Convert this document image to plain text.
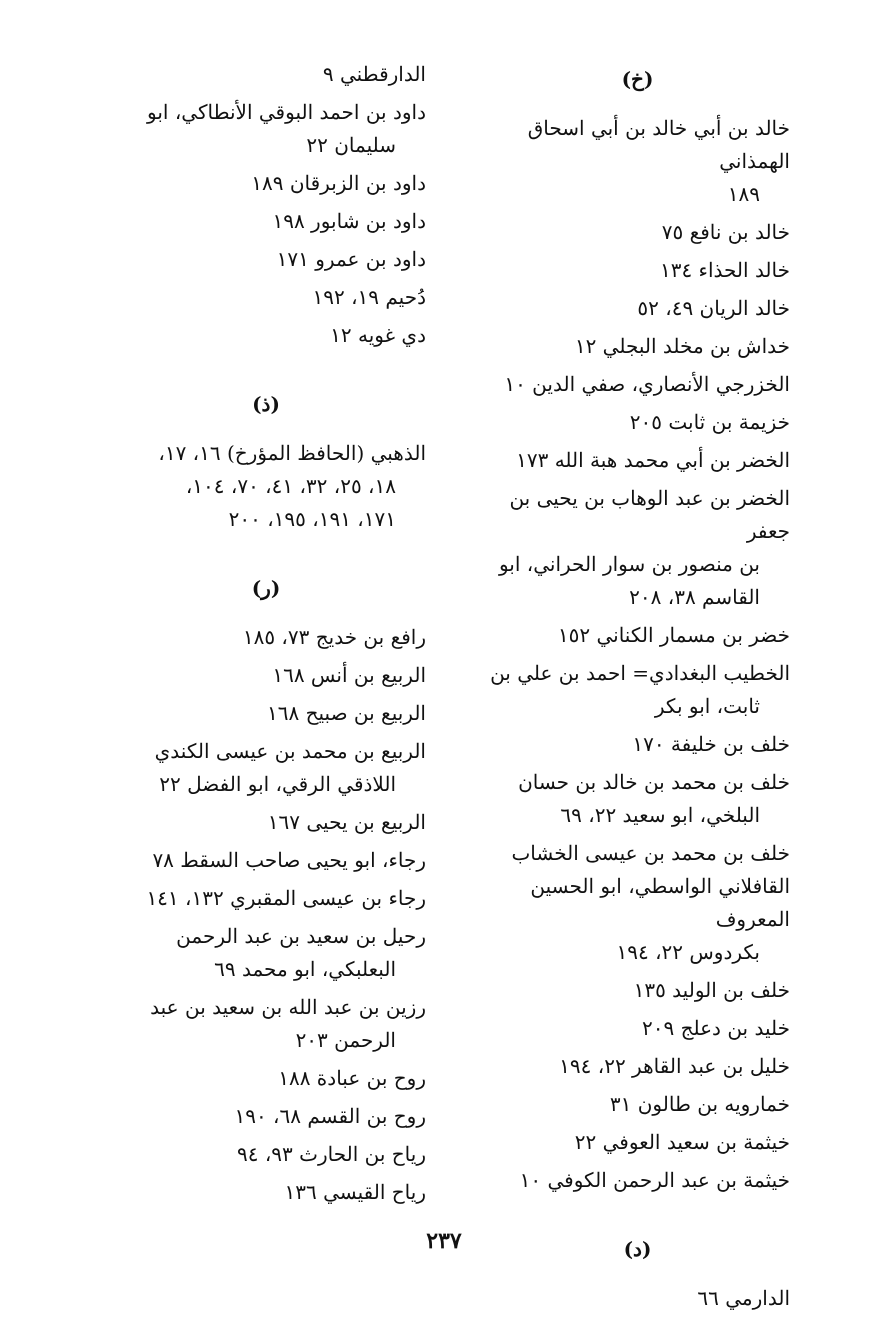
(خ)
خالد بن أبي خالد بن أبي اسحاق الهمذاني
١٨٩
خالد بن نافع ٧٥
خالد الحذاء ١٣٤
خالد الريان ٤٩، ٥٢
خداش بن مخلد البجلي ١٢
الخزرجي الأنصاري، صفي الدين ١٠
خزيمة بن ثابت ٢٠٥
الخضر بن أبي محمد هبة الله ١٧٣
الخضر بن عبد الوهاب بن يحيى بن جعفر
بن منصور بن سوار الحراني، ابو
القاسم ٣٨، ٢٠٨
خضر بن مسمار الكناني ١٥٢
الخطيب البغدادي= احمد بن علي بن
ثابت، ابو بكر
خلف بن خليفة ١٧٠
خلف بن محمد بن خالد بن حسان
البلخي، ابو سعيد ٢٢، ٦٩
خلف بن محمد بن عيسى الخشاب
القافلاني الواسطي، ابو الحسين المعروف
بكردوس ٢٢، ١٩٤
خلف بن الوليد ١٣٥
خليد بن دعلج ٢٠٩
خليل بن عبد القاهر ٢٢، ١٩٤
خمارويه بن طالون ٣١
خيثمة بن سعيد العوفي ٢٢
خيثمة بن عبد الرحمن الكوفي ١٠
(د)
الدارمي ٦٦
الدارقطني ٩
داود بن احمد البوقي الأنطاكي، ابو
سليمان ٢٢
داود بن الزبرقان ١٨٩
داود بن شابور ١٩٨
داود بن عمرو ١٧١
دُحيم ١٩، ١٩٢
دي غويه ١٢
(ذ)
الذهبي (الحافظ المؤرخ) ١٦، ١٧،
١٨، ٢٥، ٣٢، ٤١، ٧٠، ١٠٤،
١٧١، ١٩١، ١٩٥، ٢٠٠
(ر)
رافع بن خديج ٧٣، ١٨٥
الربيع بن أنس ١٦٨
الربيع بن صبيح ١٦٨
الربيع بن محمد بن عيسى الكندي
اللاذقي الرقي، ابو الفضل ٢٢
الربيع بن يحيى ١٦٧
رجاء، ابو يحيى صاحب السقط ٧٨
رجاء بن عيسى المقبري ١٣٢، ١٤١
رحيل بن سعيد بن عبد الرحمن
البعلبكي، ابو محمد ٦٩
رزين بن عبد الله بن سعيد بن عبد
الرحمن ٢٠٣
روح بن عبادة ١٨٨
روح بن القسم ٦٨، ١٩٠
رياح بن الحارث ٩٣، ٩٤
رياح القيسي ١٣٦
٢٣٧
